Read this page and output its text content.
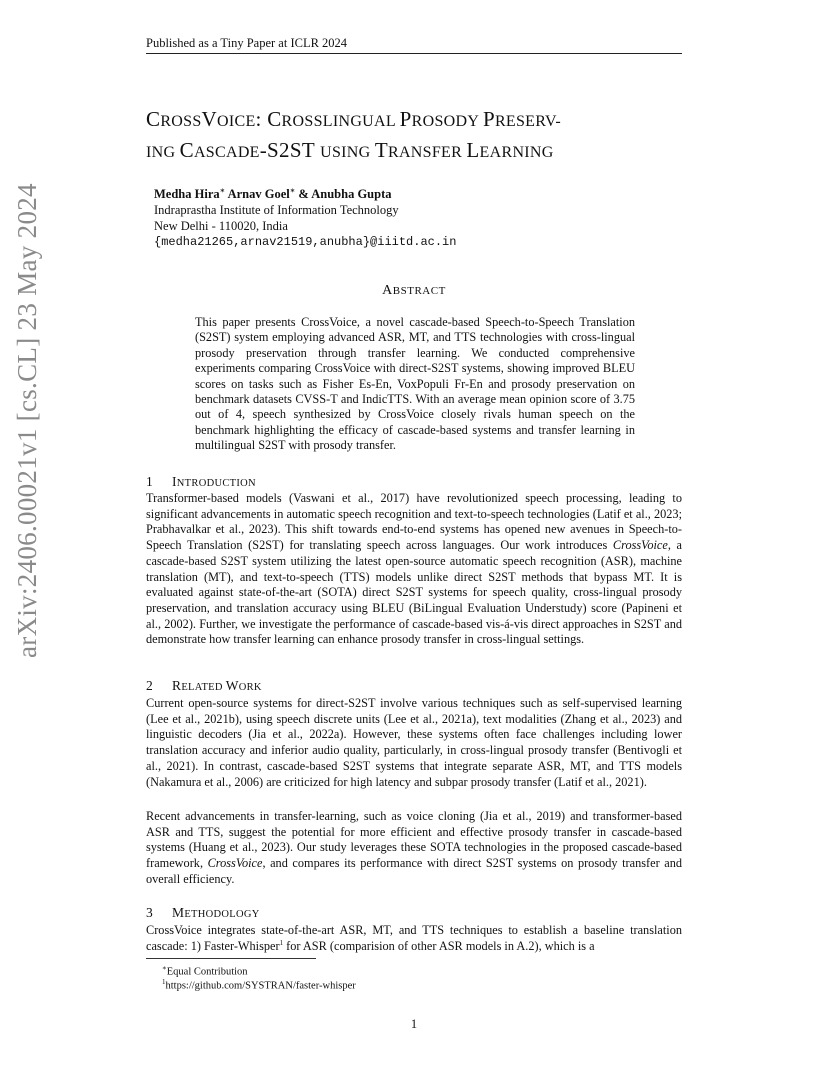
Published as a Tiny Paper at ICLR 2024
arXiv:2406.00021v1 [cs.CL] 23 May 2024
CROSSVOICE: CROSSLINGUAL PROSODY PRESERV-
ING CASCADE-S2ST USING TRANSFER LEARNING
Medha Hira∗ Arnav Goel∗ & Anubha Gupta
Indraprastha Institute of Information Technology
New Delhi - 110020, India
{medha21265,arnav21519,anubha}@iiitd.ac.in
ABSTRACT
This paper presents CrossVoice, a novel cascade-based Speech-to-Speech Translation (S2ST) system employing advanced ASR, MT, and TTS technologies with cross-lingual prosody preservation through transfer learning. We conducted comprehensive experiments comparing CrossVoice with direct-S2ST systems, showing improved BLEU scores on tasks such as Fisher Es-En, VoxPopuli Fr-En and prosody preservation on benchmark datasets CVSS-T and IndicTTS. With an average mean opinion score of 3.75 out of 4, speech synthesized by CrossVoice closely rivals human speech on the benchmark highlighting the efficacy of cascade-based systems and transfer learning in multilingual S2ST with prosody transfer.
1 INTRODUCTION
Transformer-based models (Vaswani et al., 2017) have revolutionized speech processing, leading to significant advancements in automatic speech recognition and text-to-speech technologies (Latif et al., 2023; Prabhavalkar et al., 2023). This shift towards end-to-end systems has opened new avenues in Speech-to-Speech Translation (S2ST) for translating speech across languages. Our work introduces CrossVoice, a cascade-based S2ST system utilizing the latest open-source automatic speech recognition (ASR), machine translation (MT), and text-to-speech (TTS) models unlike direct S2ST methods that bypass MT. It is evaluated against state-of-the-art (SOTA) direct S2ST systems for speech quality, cross-lingual prosody preservation, and translation accuracy using BLEU (BiLingual Evaluation Understudy) score (Papineni et al., 2002). Further, we investigate the performance of cascade-based vis-á-vis direct approaches in S2ST and demonstrate how transfer learning can enhance prosody transfer in cross-lingual settings.
2 RELATED WORK
Current open-source systems for direct-S2ST involve various techniques such as self-supervised learning (Lee et al., 2021b), using speech discrete units (Lee et al., 2021a), text modalities (Zhang et al., 2023) and linguistic decoders (Jia et al., 2022a). However, these systems often face challenges including lower translation accuracy and inferior audio quality, particularly, in cross-lingual prosody transfer (Bentivogli et al., 2021). In contrast, cascade-based S2ST systems that integrate separate ASR, MT, and TTS models (Nakamura et al., 2006) are criticized for high latency and subpar prosody transfer (Latif et al., 2021).
Recent advancements in transfer-learning, such as voice cloning (Jia et al., 2019) and transformer-based ASR and TTS, suggest the potential for more efficient and effective prosody transfer in cascade-based systems (Huang et al., 2023). Our study leverages these SOTA technologies in the proposed cascade-based framework, CrossVoice, and compares its performance with direct S2ST systems on prosody transfer and overall efficiency.
3 METHODOLOGY
CrossVoice integrates state-of-the-art ASR, MT, and TTS techniques to establish a baseline translation cascade: 1) Faster-Whisper$^1$ for ASR (comparision of other ASR models in A.2), which is a
∗Equal Contribution
$^1$https://github.com/SYSTRAN/faster-whisper
1
